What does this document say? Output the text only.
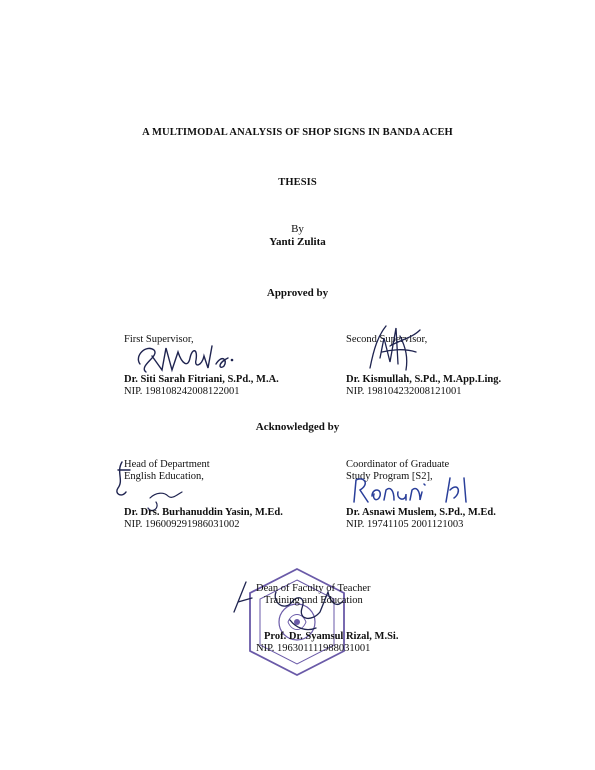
A MULTIMODAL ANALYSIS OF SHOP SIGNS IN BANDA ACEH
THESIS
By
Yanti Zulita
Approved by
First Supervisor,
Dr. Siti Sarah Fitriani, S.Pd., M.A.
NIP. 198108242008122001
Second Supervisor,
Dr. Kismullah, S.Pd., M.App.Ling.
NIP. 198104232008121001
Acknowledged by
Head of Department
English Education,
Dr. Drs. Burhanuddin Yasin, M.Ed.
NIP. 196009291986031002
Coordinator of Graduate
Study Program [S2],
Dr. Asnawi Muslem, S.Pd., M.Ed.
NIP. 19741105 2001121003
Dean of Faculty of Teacher
Training and Education
Prof. Dr. Syamsul Rizal, M.Si.
NIP. 196301111988031001
